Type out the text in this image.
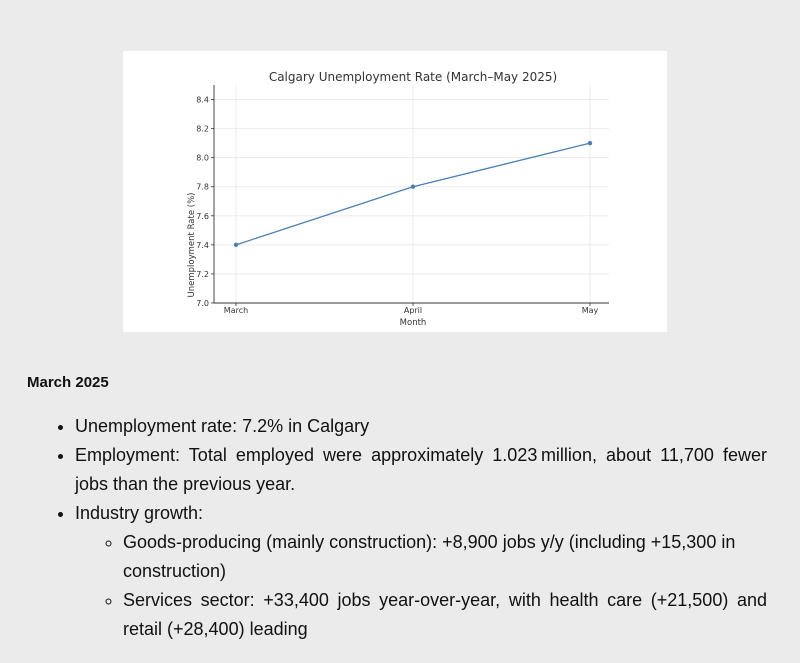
Calgary Unemployment Rate (March–May 2025)
Unemployment Rate (%)
Month
7.0
7.2
7.4
7.6
7.8
8.0
8.2
8.4
March	April	May
March 2025
• Unemployment rate: 7.2% in Calgary
• Employment: Total employed were approximately 1.023 million, about 11,700 fewer jobs than the previous year.
• Industry growth:
◦ Goods-producing (mainly construction): +8,900 jobs y/y (including +15,300 in construction)
◦ Services sector: +33,400 jobs year-over-year, with health care (+21,500) and retail (+28,400) leading
